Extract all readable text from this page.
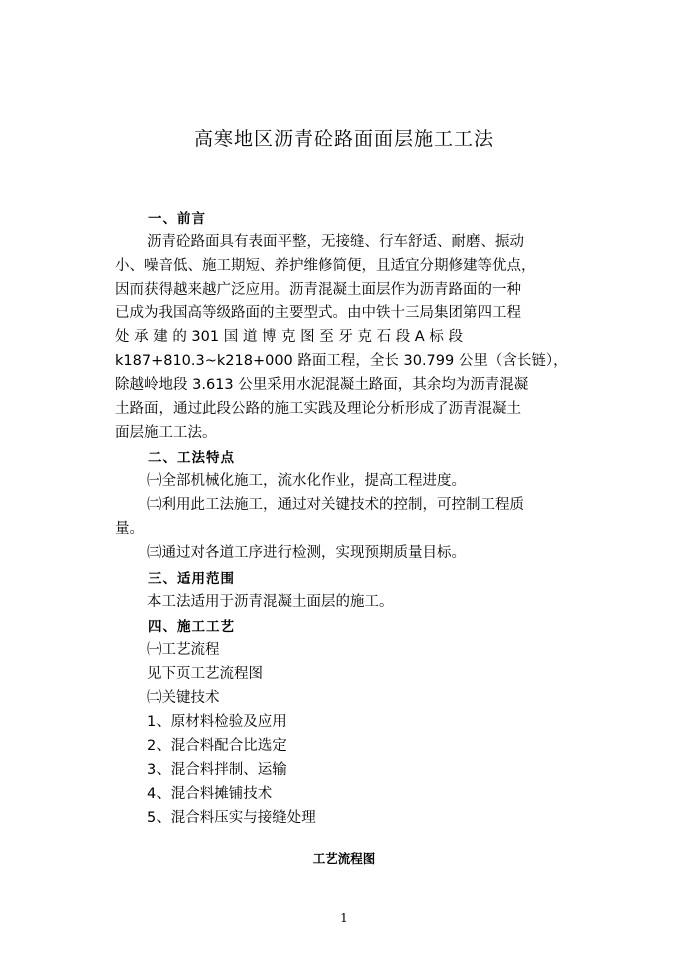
高寒地区沥青砼路面面层施工工法
一、前言
沥青砼路面具有表面平整，无接缝、行车舒适、耐磨、振动
小、噪音低、施工期短、养护维修简便，且适宜分期修建等优点，
因而获得越来越广泛应用。沥青混凝土面层作为沥青路面的一种
已成为我国高等级路面的主要型式。由中铁十三局集团第四工程
处 承 建 的 301 国 道 博 克 图 至 牙 克 石 段 A 标 段
k187+810.3~k218+000 路面工程，全长 30.799 公里（含长链），
除越岭地段 3.613 公里采用水泥混凝土路面，其余均为沥青混凝
土路面，通过此段公路的施工实践及理论分析形成了沥青混凝土
面层施工工法。
二、工法特点
㈠全部机械化施工，流水化作业，提高工程进度。
㈡利用此工法施工，通过对关键技术的控制，可控制工程质
量。
㈢通过对各道工序进行检测，实现预期质量目标。
三、适用范围
本工法适用于沥青混凝土面层的施工。
四、施工工艺
㈠工艺流程
见下页工艺流程图
㈡关键技术
1、原材料检验及应用
2、混合料配合比选定
3、混合料拌制、运输
4、混合料摊铺技术
5、混合料压实与接缝处理
工艺流程图
1
